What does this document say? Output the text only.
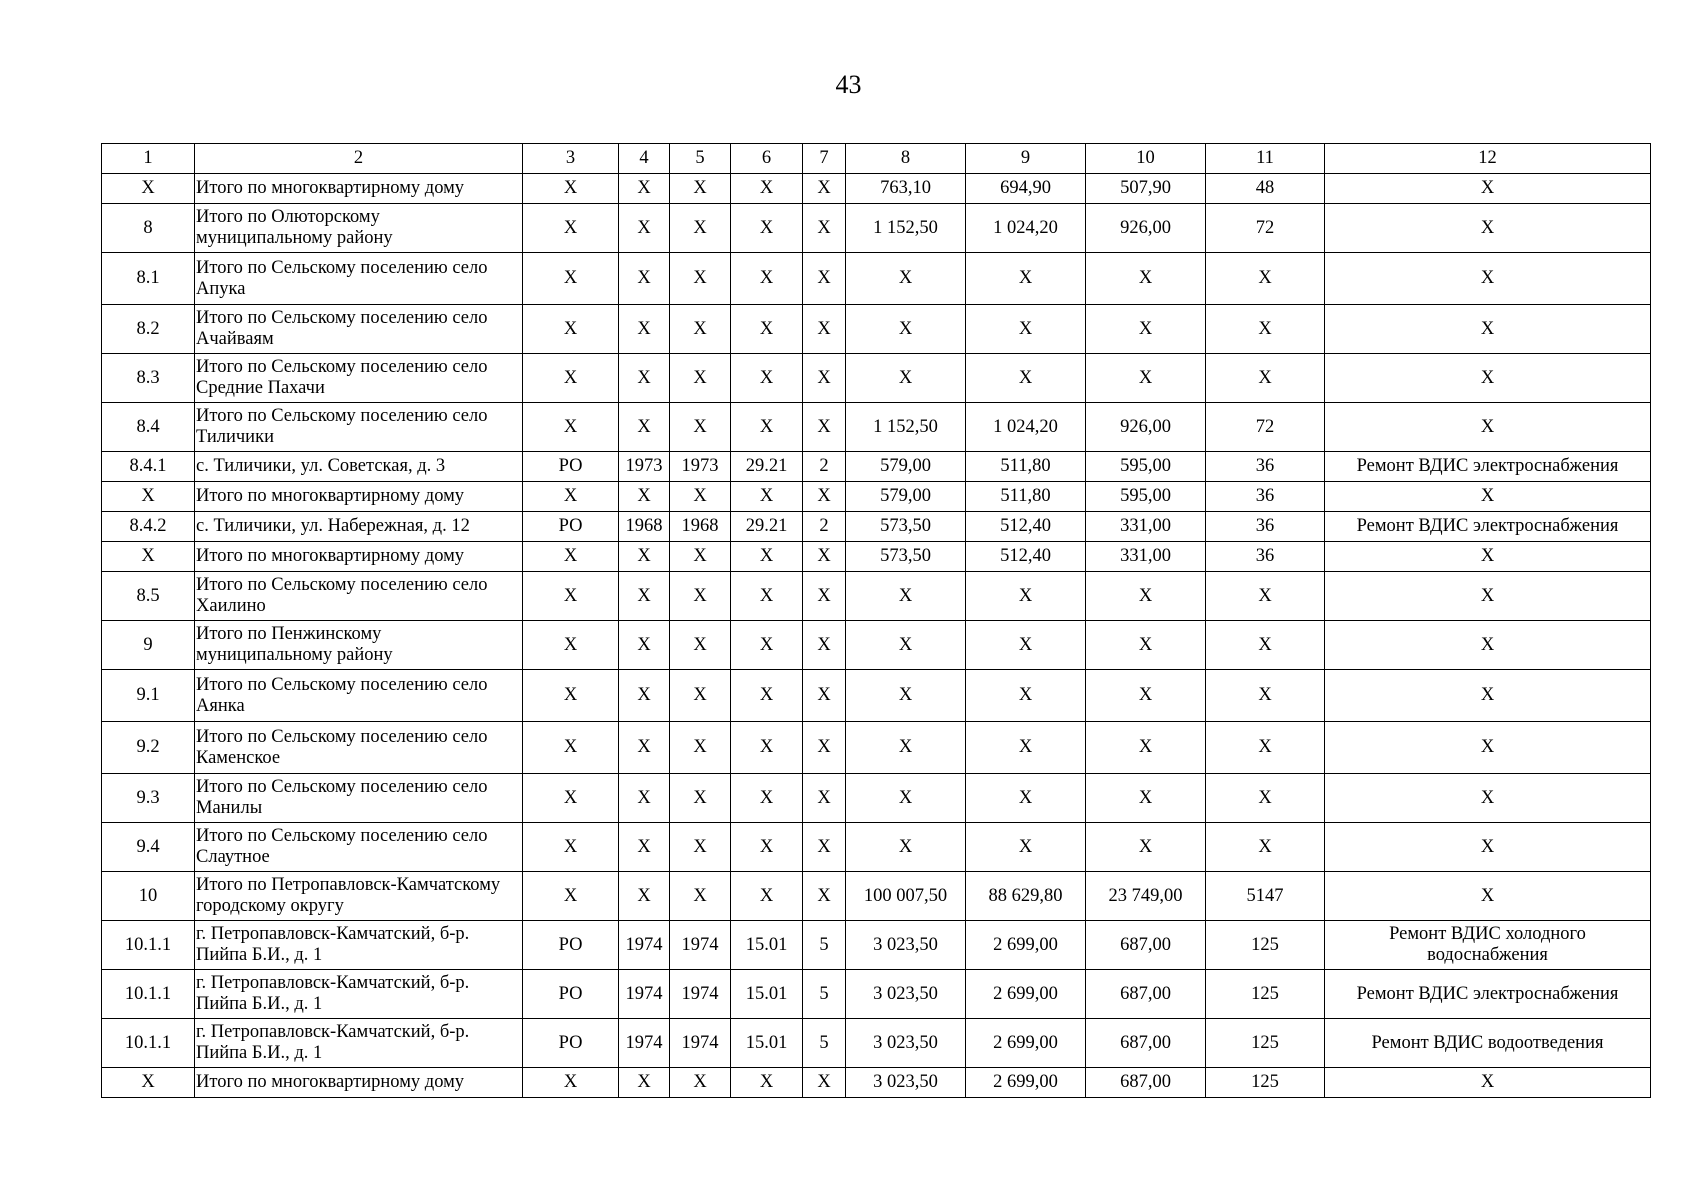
43
1	2	3	4	5	6	7	8	9	10	11	12
X	Итого по многоквартирному дому	X	X	X	X	X	763,10	694,90	507,90	48	X
8	Итого по Олюторскому муниципальному району	X	X	X	X	X	1 152,50	1 024,20	926,00	72	X
8.1	Итого по Сельскому поселению село Апука	X	X	X	X	X	X	X	X	X	X
8.2	Итого по Сельскому поселению село Ачайваям	X	X	X	X	X	X	X	X	X	X
8.3	Итого по Сельскому поселению село Средние Пахачи	X	X	X	X	X	X	X	X	X	X
8.4	Итого по Сельскому поселению село Тиличики	X	X	X	X	X	1 152,50	1 024,20	926,00	72	X
8.4.1	с. Тиличики, ул. Советская, д. 3	РО	1973	1973	29.21	2	579,00	511,80	595,00	36	Ремонт ВДИС электроснабжения
X	Итого по многоквартирному дому	X	X	X	X	X	579,00	511,80	595,00	36	X
8.4.2	с. Тиличики, ул. Набережная, д. 12	РО	1968	1968	29.21	2	573,50	512,40	331,00	36	Ремонт ВДИС электроснабжения
X	Итого по многоквартирному дому	X	X	X	X	X	573,50	512,40	331,00	36	X
8.5	Итого по Сельскому поселению село Хаилино	X	X	X	X	X	X	X	X	X	X
9	Итого по Пенжинскому муниципальному району	X	X	X	X	X	X	X	X	X	X
9.1	Итого по Сельскому поселению село Аянка	X	X	X	X	X	X	X	X	X	X
9.2	Итого по Сельскому поселению село Каменское	X	X	X	X	X	X	X	X	X	X
9.3	Итого по Сельскому поселению село Манилы	X	X	X	X	X	X	X	X	X	X
9.4	Итого по Сельскому поселению село Слаутное	X	X	X	X	X	X	X	X	X	X
10	Итого по Петропавловск-Камчатскому городскому округу	X	X	X	X	X	100 007,50	88 629,80	23 749,00	5147	X
10.1.1	г. Петропавловск-Камчатский, б-р. Пийпа Б.И., д. 1	РО	1974	1974	15.01	5	3 023,50	2 699,00	687,00	125	Ремонт ВДИС холодного водоснабжения
10.1.1	г. Петропавловск-Камчатский, б-р. Пийпа Б.И., д. 1	РО	1974	1974	15.01	5	3 023,50	2 699,00	687,00	125	Ремонт ВДИС электроснабжения
10.1.1	г. Петропавловск-Камчатский, б-р. Пийпа Б.И., д. 1	РО	1974	1974	15.01	5	3 023,50	2 699,00	687,00	125	Ремонт ВДИС водоотведения
X	Итого по многоквартирному дому	X	X	X	X	X	3 023,50	2 699,00	687,00	125	X
